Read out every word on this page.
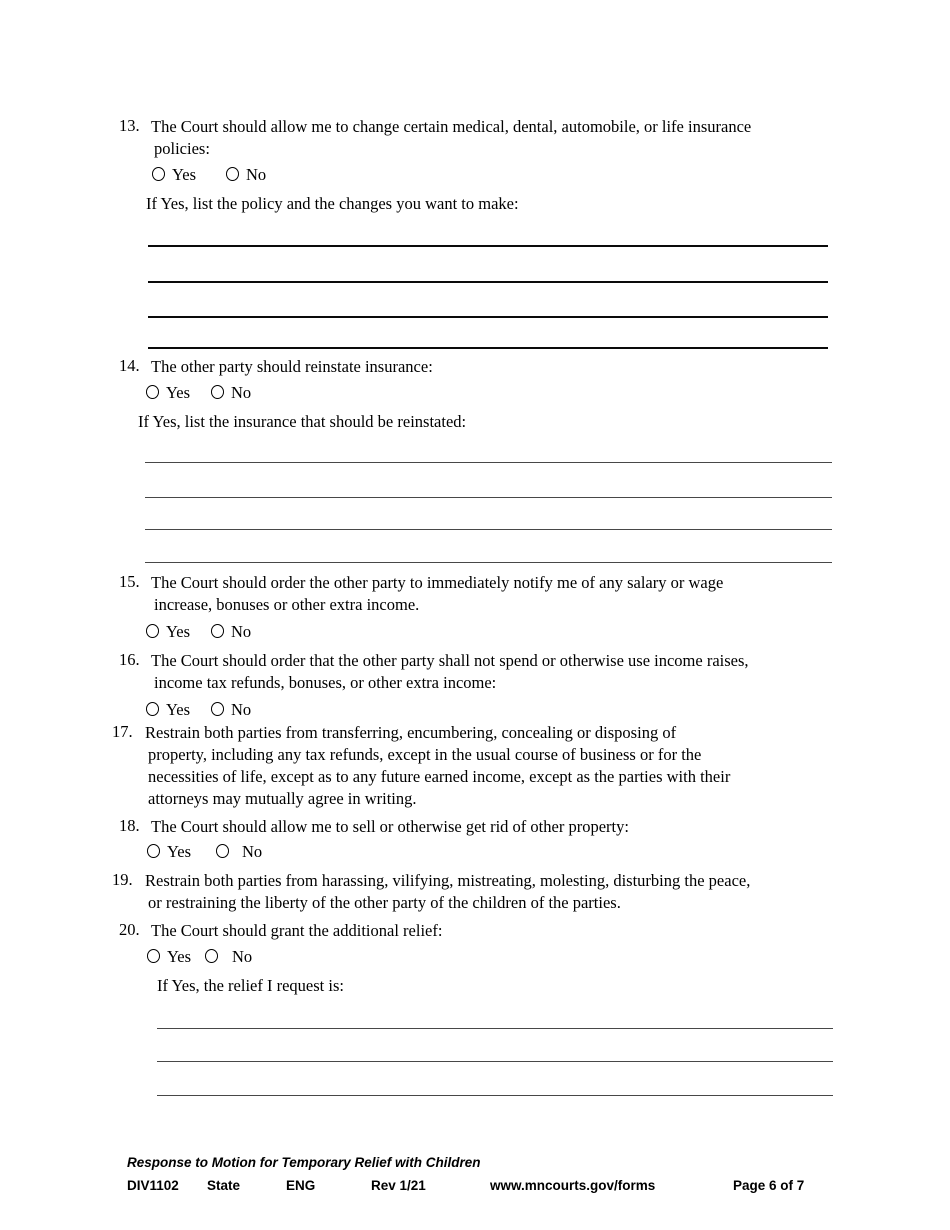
13. The Court should allow me to change certain medical, dental, automobile, or life insurance
policies:
Yes	No
If Yes, list the policy and the changes you want to make:
14. The other party should reinstate insurance:
Yes No
If Yes, list the insurance that should be reinstated:
15. The Court should order the other party to immediately notify me of any salary or wage
increase, bonuses or other extra income.
Yes No
16. The Court should order that the other party shall not spend or otherwise use income raises,
income tax refunds, bonuses, or other extra income:
Yes No
17. Restrain both parties from transferring, encumbering, concealing or disposing of
property, including any tax refunds, except in the usual course of business or for the
necessities of life, except as to any future earned income, except as the parties with their
attorneys may mutually agree in writing.
18. The Court should allow me to sell or otherwise get rid of other property:
Yes	No
19. Restrain both parties from harassing, vilifying, mistreating, molesting, disturbing the peace,
or restraining the liberty of the other party of the children of the parties.
20. The Court should grant the additional relief:
Yes No
If Yes, the relief I request is:
Response to Motion for Temporary Relief with Children
DIV1102 State	ENG	Rev 1/21	www.mncourts.gov/forms	Page 6 of 7
